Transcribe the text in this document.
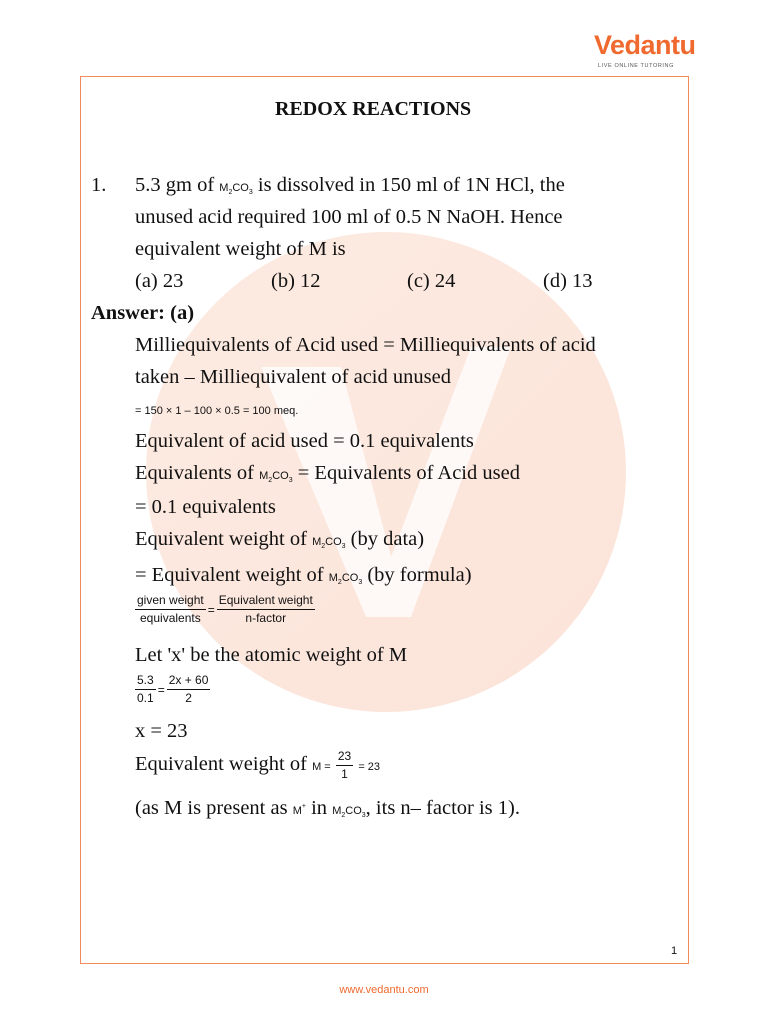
Vedantu
LIVE ONLINE TUTORING
REDOX REACTIONS
1. 5.3 gm of $M_2CO_3$ is dissolved in 150 ml of 1N HCl, the
unused acid required 100 ml of 0.5 N NaOH. Hence
equivalent weight of M is
(a) 23	(b) 12	(c) 24	(d) 13
Answer: (a)
Milliequivalents of Acid used = Milliequivalents of acid
taken – Milliequivalent of acid unused
= 150 × 1 – 100 × 0.5 = 100 meq.
Equivalent of acid used = 0.1 equivalents
Equivalents of $M_2CO_3$ = Equivalents of Acid used
= 0.1 equivalents
Equivalent weight of $M_2CO_3$ (by data)
= Equivalent weight of $M_2CO_3$ (by formula)
$\frac{\text{given weight}}{\text{equivalents}} = \frac{\text{Equivalent weight}}{\text{n-factor}}$
Let 'x' be the atomic weight of M
$\frac{5.3}{0.1} = \frac{2x + 60}{2}$
x = 23
Equivalent weight of $M = \frac{23}{1} = 23$
(as M is present as M+ in $M_2CO_3$, its n– factor is 1).
1
www.vedantu.com
